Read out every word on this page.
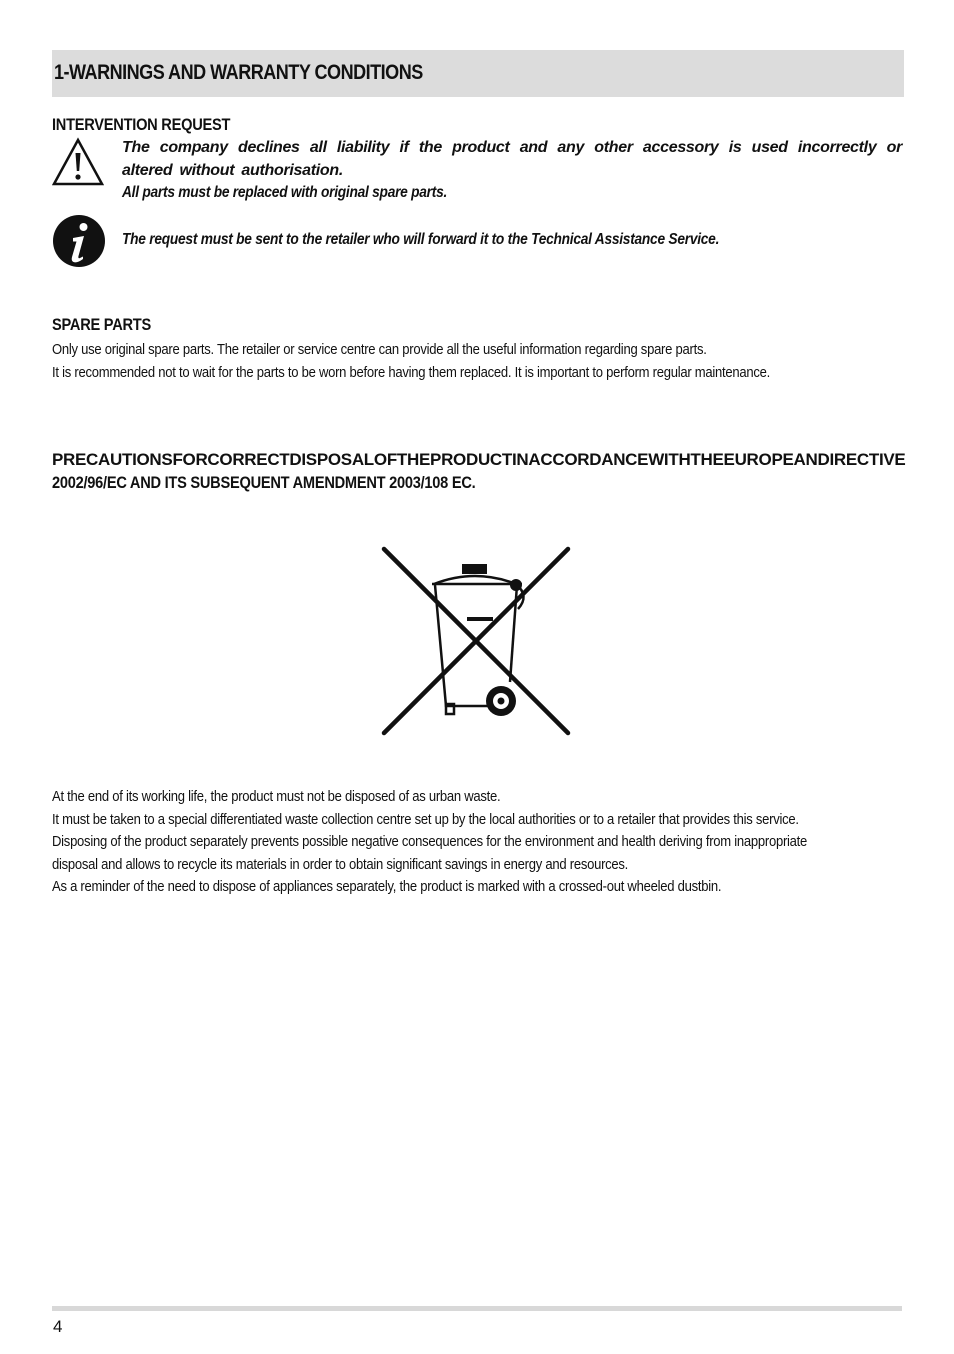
1-WARNINGS AND WARRANTY CONDITIONS
INTERVENTION REQUEST

The company declines all liability if the product and any other accessory is used incorrectly or altered without authorisation.

All parts must be replaced with original spare parts.

The request must be sent to the retailer who will forward it to the Technical Assistance Service.

SPARE PARTS

Only use original spare parts. The retailer or service centre can provide all the useful information regarding spare parts.

It is recommended not to wait for the parts to be worn before having them replaced. It is important to perform regular maintenance.

PRECAUTIONS FOR CORRECT DISPOSAL OF THE PRODUCT IN ACCORDANCE WITH THE EUROPEAN DIRECTIVE
2002/96/EC AND ITS SUBSEQUENT AMENDMENT 2003/108 EC.

At the end of its working life, the product must not be disposed of as urban waste.

It must be taken to a special differentiated waste collection centre set up by the local authorities or to a retailer that provides this service.

Disposing of the product separately prevents possible negative consequences for the environment and health deriving from inappropriate

disposal and allows to recycle its materials in order to obtain significant savings in energy and resources.

As a reminder of the need to dispose of appliances separately, the product is marked with a crossed-out wheeled dustbin.

4
